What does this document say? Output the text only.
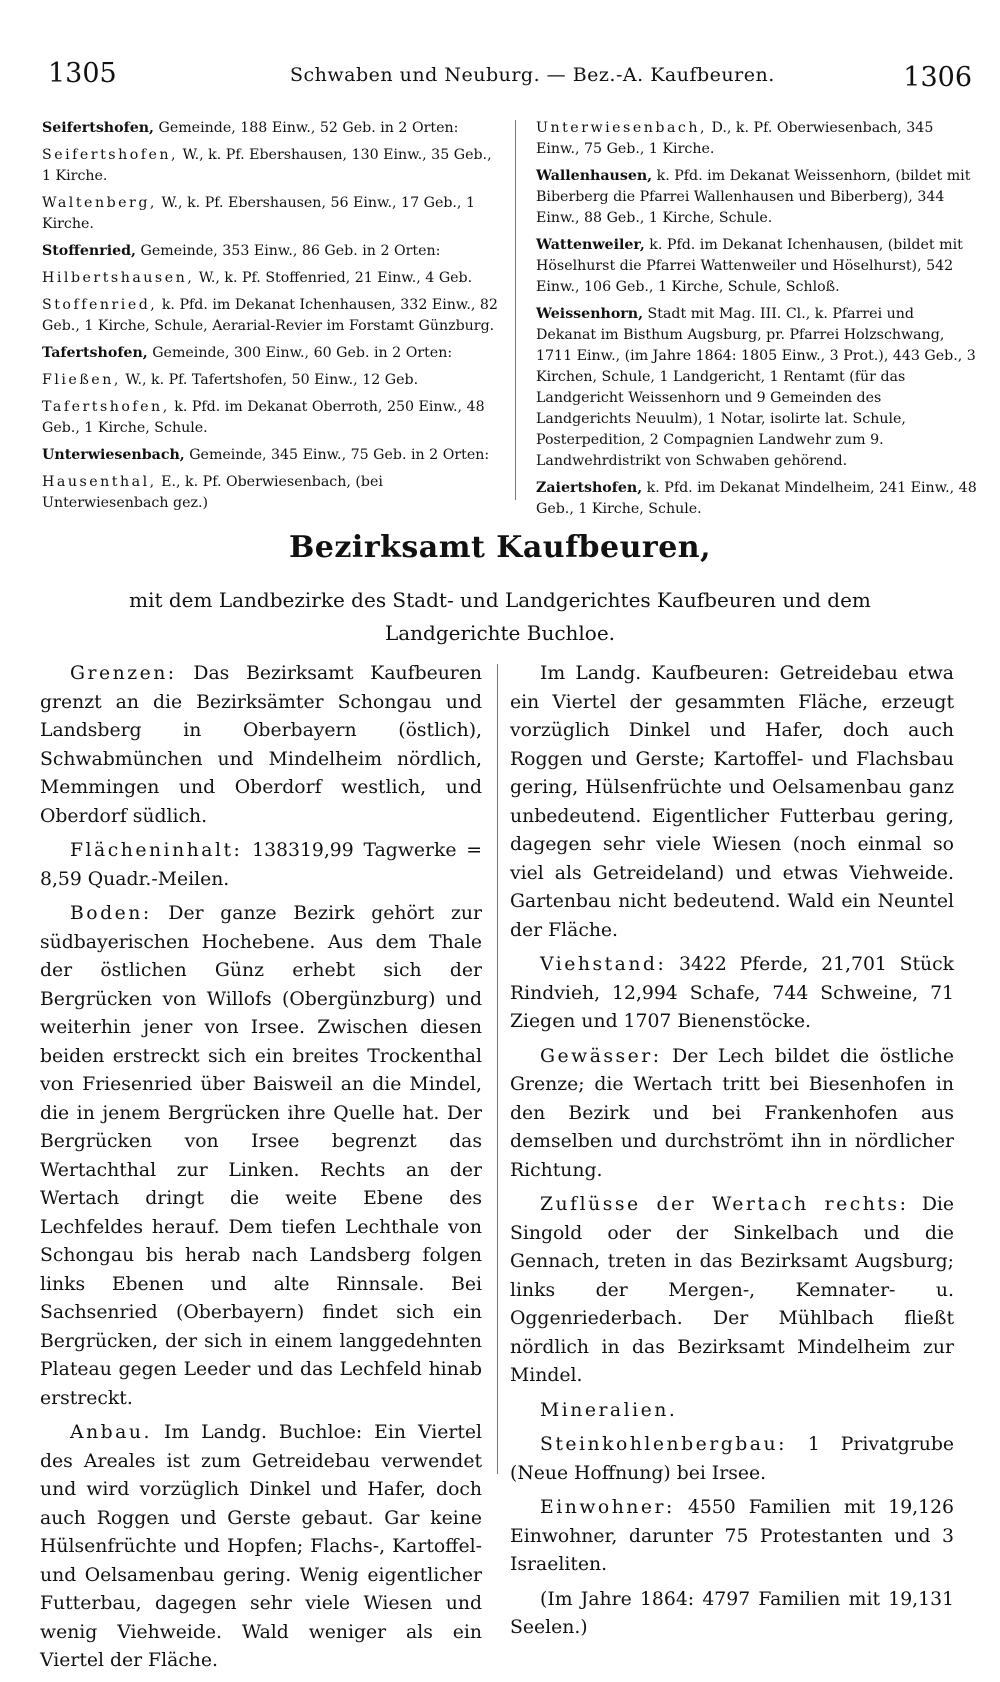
1305	Schwaben und Neuburg. — Bez.-A. Kaufbeuren.	1306
Seifertshofen, Gemeinde, 188 Einw., 52 Geb. in 2 Orten:
Seifertshofen, W., k. Pf. Ebershausen, 130 Einw., 35 Geb., 1 Kirche.
Waltenberg, W., k. Pf. Ebershausen, 56 Einw., 17 Geb., 1 Kirche.
Stoffenried, Gemeinde, 353 Einw., 86 Geb. in 2 Orten:
Hilbertshausen, W., k. Pf. Stoffenried, 21 Einw., 4 Geb.
Stoffenried, k. Pfd. im Dekanat Ichenhausen, 332 Einw., 82 Geb., 1 Kirche, Schule, Aerarial-Revier im Forstamt Günzburg.
Tafertshofen, Gemeinde, 300 Einw., 60 Geb. in 2 Orten:
Fließen, W., k. Pf. Tafertshofen, 50 Einw., 12 Geb.
Tafertshofen, k. Pfd. im Dekanat Oberroth, 250 Einw., 48 Geb., 1 Kirche, Schule.
Unterwiesenbach, Gemeinde, 345 Einw., 75 Geb. in 2 Orten:
Hausenthal, E., k. Pf. Oberwiesenbach, (bei Unterwiesenbach gez.)
Unterwiesenbach, D., k. Pf. Oberwiesenbach, 345 Einw., 75 Geb., 1 Kirche.
Wallenhausen, k. Pfd. im Dekanat Weissenhorn, (bildet mit Biberberg die Pfarrei Wallenhausen und Biberberg), 344 Einw., 88 Geb., 1 Kirche, Schule.
Wattenweiler, k. Pfd. im Dekanat Ichenhausen, (bildet mit Höselhurst die Pfarrei Wattenweiler und Höselhurst), 542 Einw., 106 Geb., 1 Kirche, Schule, Schloß.
Weissenhorn, Stadt mit Mag. III. Cl., k. Pfarrei und Dekanat im Bisthum Augsburg, pr. Pfarrei Holzschwang, 1711 Einw., (im Jahre 1864: 1805 Einw., 3 Prot.), 443 Geb., 3 Kirchen, Schule, 1 Landgericht, 1 Rentamt (für das Landgericht Weissenhorn und 9 Gemeinden des Landgerichts Neuulm), 1 Notar, isolirte lat. Schule, Posterpedition, 2 Compagnien Landwehr zum 9. Landwehrdistrikt von Schwaben gehörend.
Zaiertshofen, k. Pfd. im Dekanat Mindelheim, 241 Einw., 48 Geb., 1 Kirche, Schule.
Bezirksamt Kaufbeuren,
mit dem Landbezirke des Stadt- und Landgerichtes Kaufbeuren und dem Landgerichte Buchloe.

Grenzen: Das Bezirksamt Kaufbeuren grenzt an die Bezirksämter Schongau und Landsberg in Oberbayern (östlich), Schwabmünchen und Mindelheim nördlich, Memmingen und Oberdorf westlich, und Oberdorf südlich.

Flächeninhalt: 138319,99 Tagwerke = 8,59 Quadr.-Meilen.

Boden: Der ganze Bezirk gehört zur südbayerischen Hochebene. Aus dem Thale der östlichen Günz erhebt sich der Bergrücken von Willofs (Obergünzburg) und weiterhin jener von Irsee. Zwischen diesen beiden erstreckt sich ein breites Trockenthal von Friesenried über Baisweil an die Mindel, die in jenem Bergrücken ihre Quelle hat. Der Bergrücken von Irsee begrenzt das Wertachthal zur Linken. Rechts an der Wertach dringt die weite Ebene des Lechfeldes herauf. Dem tiefen Lechthale von Schongau bis herab nach Landsberg folgen links Ebenen und alte Rinnsale. Bei Sachsenried (Oberbayern) findet sich ein Bergrücken, der sich in einem langgedehnten Plateau gegen Leeder und das Lechfeld hinab erstreckt.

Anbau. Im Landg. Buchloe: Ein Viertel des Areales ist zum Getreidebau verwendet und wird vorzüglich Dinkel und Hafer, doch auch Roggen und Gerste gebaut. Gar keine Hülsenfrüchte und Hopfen; Flachs-, Kartoffel- und Oelsamenbau gering. Wenig eigentlicher Futterbau, dagegen sehr viele Wiesen und wenig Viehweide. Wald weniger als ein Viertel der Fläche.

Im Landg. Kaufbeuren: Getreidebau etwa ein Viertel der gesammten Fläche, erzeugt vorzüglich Dinkel und Hafer, doch auch Roggen und Gerste; Kartoffel- und Flachsbau gering, Hülsenfrüchte und Oelsamenbau ganz unbedeutend. Eigentlicher Futterbau gering, dagegen sehr viele Wiesen (noch einmal so viel als Getreideland) und etwas Viehweide. Gartenbau nicht bedeutend. Wald ein Neuntel der Fläche.

Viehstand: 3422 Pferde, 21,701 Stück Rindvieh, 12,994 Schafe, 744 Schweine, 71 Ziegen und 1707 Bienenstöcke.

Gewässer: Der Lech bildet die östliche Grenze; die Wertach tritt bei Biesenhofen in den Bezirk und bei Frankenhofen aus demselben und durchströmt ihn in nördlicher Richtung.

Zuflüsse der Wertach rechts: Die Singold oder der Sinkelbach und die Gennach, treten in das Bezirksamt Augsburg; links der Mergen-, Kemnater- u. Oggenriederbach. Der Mühlbach fließt nördlich in das Bezirksamt Mindelheim zur Mindel.

Mineralien.

Steinkohlenbergbau: 1 Privatgrube (Neue Hoffnung) bei Irsee.

Einwohner: 4550 Familien mit 19,126 Einwohner, darunter 75 Protestanten und 3 Israeliten.

(Im Jahre 1864: 4797 Familien mit 19,131 Seelen.)
